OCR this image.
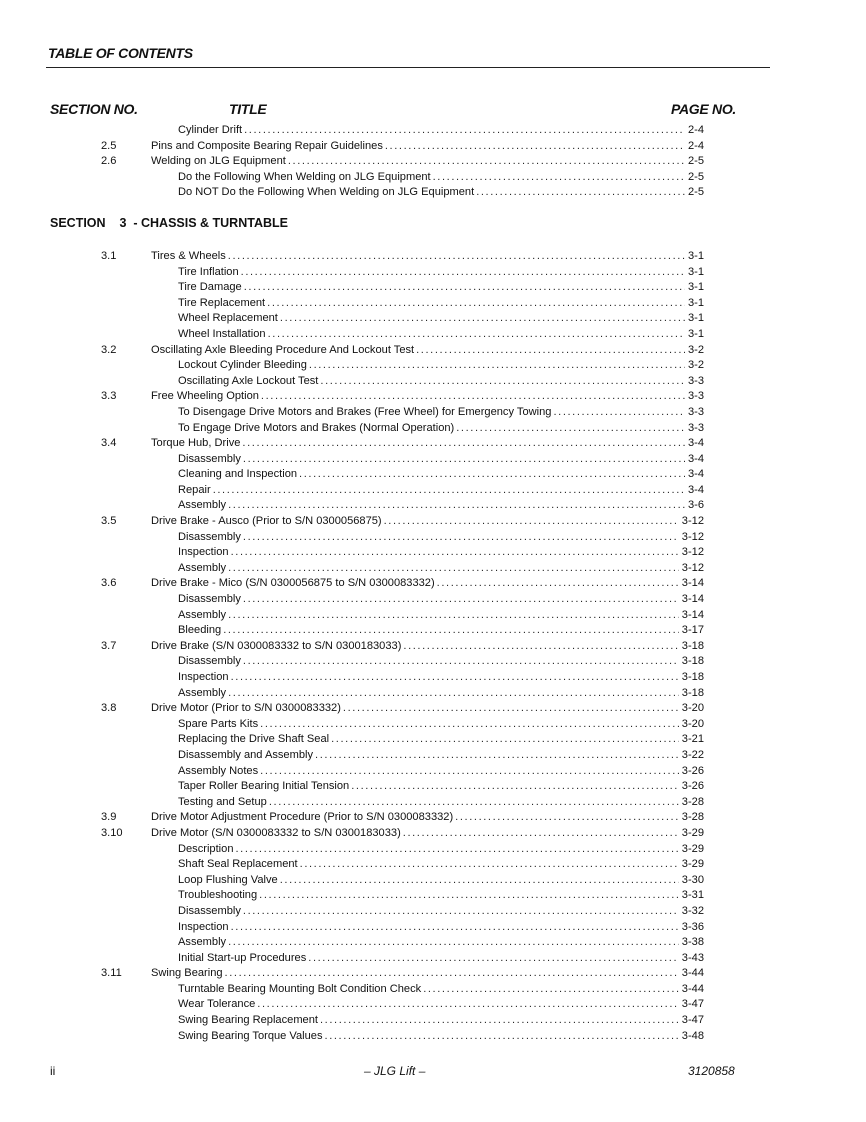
TABLE OF CONTENTS
SECTION NO.	TITLE	PAGE NO.
Cylinder Drift .....	2-4
2.5	Pins and Composite Bearing Repair Guidelines .....	2-4
2.6	Welding on JLG Equipment .....	2-5
Do the Following When Welding on JLG Equipment .....	2-5
Do NOT Do the Following When Welding on JLG Equipment .....	2-5
SECTION    3  - CHASSIS & TURNTABLE
3.1	Tires & Wheels .....	3-1
Tire Inflation .....	3-1
Tire Damage .....	3-1
Tire Replacement .....	3-1
Wheel Replacement .....	3-1
Wheel Installation .....	3-1
3.2	Oscillating Axle Bleeding Procedure And Lockout Test .....	3-2
Lockout Cylinder Bleeding .....	3-2
Oscillating Axle Lockout Test .....	3-3
3.3	Free Wheeling Option .....	3-3
To Disengage Drive Motors and Brakes (Free Wheel) for Emergency Towing .....	3-3
To Engage Drive Motors and Brakes (Normal Operation) .....	3-3
3.4	Torque Hub, Drive .....	3-4
Disassembly .....	3-4
Cleaning and Inspection .....	3-4
Repair .....	3-4
Assembly .....	3-6
3.5	Drive Brake - Ausco (Prior to S/N 0300056875) .....	3-12
Disassembly .....	3-12
Inspection .....	3-12
Assembly .....	3-12
3.6	Drive Brake - Mico (S/N 0300056875 to S/N 0300083332) .....	3-14
Disassembly .....	3-14
Assembly .....	3-14
Bleeding .....	3-17
3.7	Drive Brake (S/N 0300083332 to S/N 0300183033) .....	3-18
Disassembly .....	3-18
Inspection .....	3-18
Assembly .....	3-18
3.8	Drive Motor (Prior to S/N 0300083332) .....	3-20
Spare Parts Kits .....	3-20
Replacing the Drive Shaft Seal .....	3-21
Disassembly and Assembly .....	3-22
Assembly Notes .....	3-26
Taper Roller Bearing Initial Tension .....	3-26
Testing and Setup .....	3-28
3.9	Drive Motor Adjustment Procedure (Prior to S/N 0300083332) .....	3-28
3.10	Drive Motor (S/N 0300083332 to S/N 0300183033) .....	3-29
Description .....	3-29
Shaft Seal Replacement .....	3-29
Loop Flushing Valve .....	3-30
Troubleshooting .....	3-31
Disassembly .....	3-32
Inspection .....	3-36
Assembly .....	3-38
Initial Start-up Procedures .....	3-43
3.11	Swing Bearing .....	3-44
Turntable Bearing Mounting Bolt Condition Check .....	3-44
Wear Tolerance .....	3-47
Swing Bearing Replacement .....	3-47
Swing Bearing Torque Values .....	3-48
ii	– JLG Lift –	3120858
